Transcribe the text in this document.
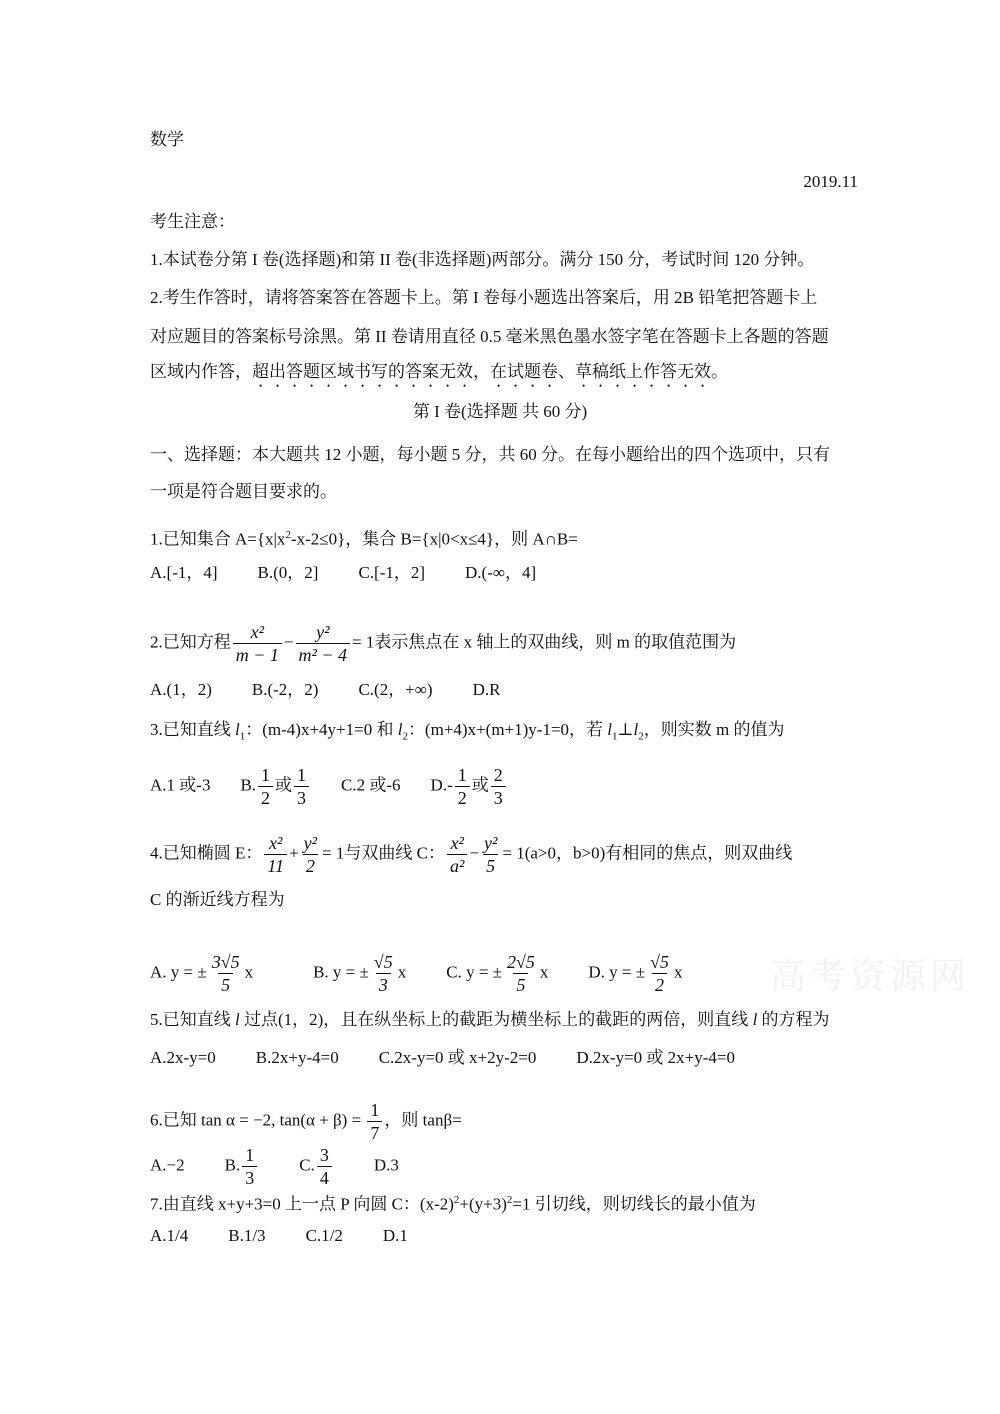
数学
2019.11
考生注意：
1.本试卷分第 I 卷(选择题)和第 II 卷(非选择题)两部分。满分 150 分，考试时间 120 分钟。
2.考生作答时，请将答案答在答题卡上。第 I 卷每小题选出答案后，用 2B 铅笔把答题卡上
对应题目的答案标号涂黑。第 II 卷请用直径 0.5 毫米黑色墨水签字笔在答题卡上各题的答题
区域内作答，超出答题区域书写的答案无效，在试题卷、草稿纸上作答无效。
第 I 卷(选择题 共 60 分)
一、选择题：本大题共 12 小题，每小题 5 分，共 60 分。在每小题给出的四个选项中，只有
一项是符合题目要求的。
1.已知集合 $A=\{x|x^2-x-2\le 0\}$，集合 B={x|0<x≤4}，则 A∩B=
A.[-1，4] B.(0，2] C.[-1，2] D.(-∞，4]
2.已知方程 $\frac{\text{x²}}{m - 1} - \frac{\text{y²}}{\text{m² − 4}} = 1$表示焦点在 x 轴上的双曲线，则 m 的取值范围为
A.(1，2) B.(-2，2) C.(2，+∞) D.R
3.已知直线 $l_1$：(m-4)x+4y+1=0 和 $l_2$：(m+4)x+(m+1)y-1=0，若 $l_1\perp l_2$，则实数 m 的值为
A.1 或-3 B. $\frac{1}{2}$ 或 $\frac{1}{3} C.2$ 或-6 $D.- \frac{1}{2}$ 或 $\frac{2}{3}$
4.已知椭圆 E： $\frac{\text{x²}}{11} + \frac{\text{y²}}{2} = 1$与双曲线 C： $\frac{\text{x²}}{\text{a²}} - \frac{\text{y²}}{5} = 1(a>0$，b>0)有相同的焦点，则双曲线
C 的渐近线方程为
A. y = ± $\frac{3√5}{5}$ x	B. y = ± $\frac{√5}{3}$ x C. y = ± $\frac{2√5}{5}$ x D. y = ± $\frac{√5}{2}$ x
5.已知直线 l 过点(1，2)，且在纵坐标上的截距为横坐标上的截距的两倍，则直线 l 的方程为
A.2x-y=0 B.2x+y-4=0 C.2x-y=0 或 x+2y-2=0 D.2x-y=0 或 2x+y-4=0
6.已知 tan α = −2, $\tan(\alpha + \beta) = \frac{1}{7}$ ，则 tanβ=
A.−2 B. $\frac{1}{3} C$. $\frac{3}{4} D.3$
7.由直线 x+y+3=0 上一点 P 向圆 C：$(x-2)^2+(y+3)^2=1$ 引切线，则切线长的最小值为
A.1/4 B.1/3 C.1/2 D.1
高考资源网
